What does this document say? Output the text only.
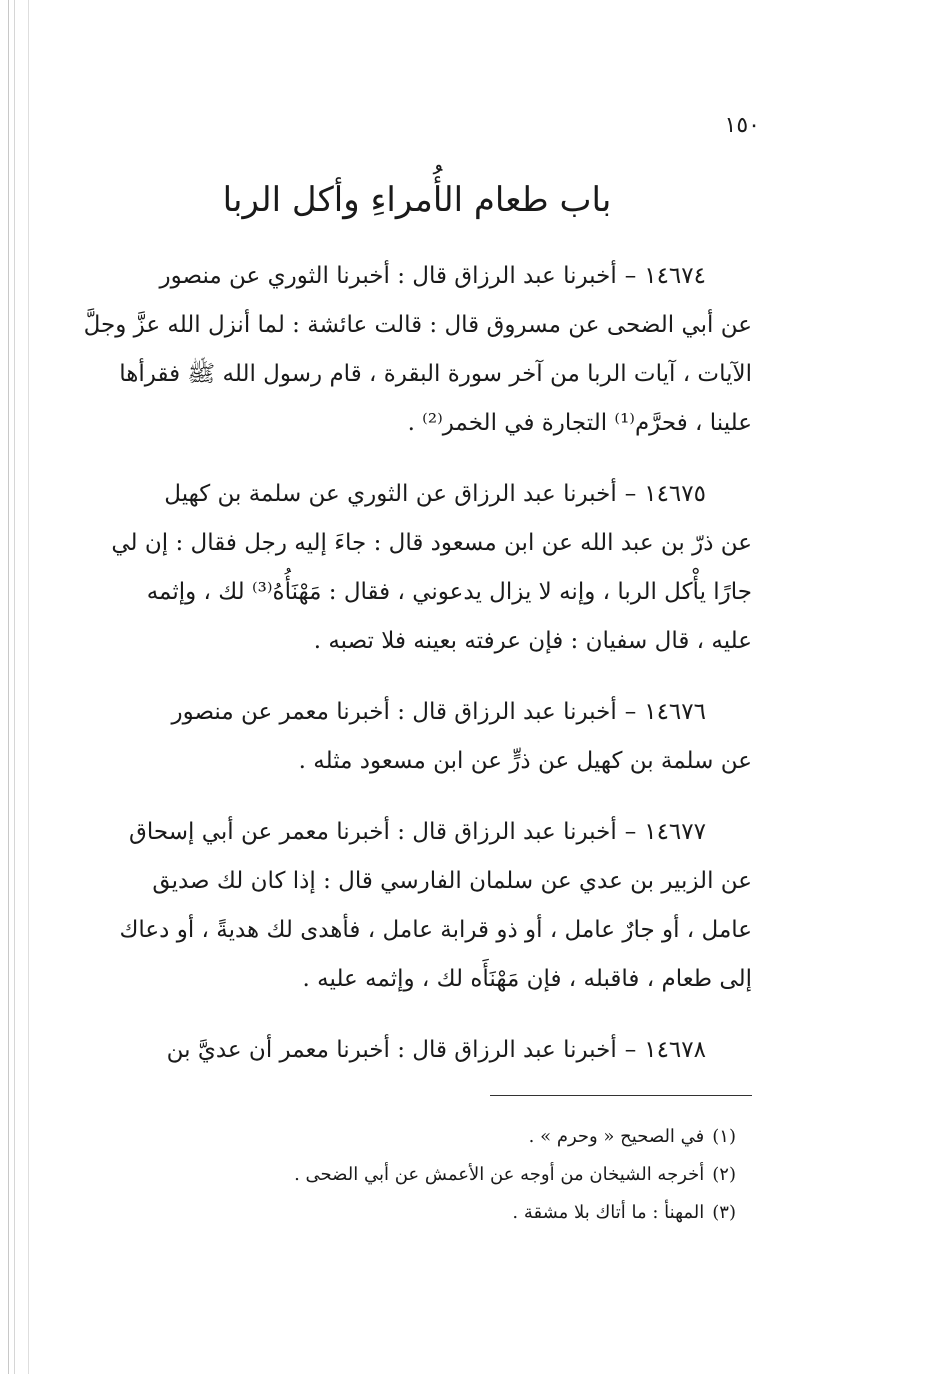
١٥٠
باب طعام الأُمراءِ وأكل الربا

١٤٦٧٤–أخبرنا عبد الرزاق قال : أخبرنا الثوري عن منصور

عن أبي الضحى عن مسروق قال : قالت عائشة : لما أنزل الله عزَّ وجلَّ

الآيات ، آيات الربا من آخر سورة البقرة ، قام رسول الله ﷺ فقرأها

علينا ، فحرَّم⁽¹⁾ التجارة في الخمر⁽²⁾ .

١٤٦٧٥–أخبرنا عبد الرزاق عن الثوري عن سلمة بن كهيل

عن ذرّ بن عبد الله عن ابن مسعود قال : جاءَ إليه رجل فقال : إن لي

جارًا يأْكل الربا ، وإنه لا يزال يدعوني ، فقال : مَهْنَأُهُ⁽³⁾ لك ، وإثمه

عليه ، قال سفيان : فإن عرفته بعينه فلا تصبه .

١٤٦٧٦–أخبرنا عبد الرزاق قال : أخبرنا معمر عن منصور

عن سلمة بن كهيل عن ذرٍّ عن ابن مسعود مثله .

١٤٦٧٧–أخبرنا عبد الرزاق قال : أخبرنا معمر عن أبي إسحاق

عن الزبير بن عدي عن سلمان الفارسي قال : إذا كان لك صديق

عامل ، أو جارٌ عامل ، أو ذو قرابة عامل ، فأهدى لك هديةً ، أو دعاك

إلى طعام ، فاقبله ، فإن مَهْنَأَه لك ، وإثمه عليه .

١٤٦٧٨–أخبرنا عبد الرزاق قال : أخبرنا معمر أن عديَّ بن

(١)في الصحيح « وحرم » .
(٢)أخرجه الشيخان من أوجه عن الأعمش عن أبي الضحى .
(٣)المهنأ : ما أتاك بلا مشقة .
